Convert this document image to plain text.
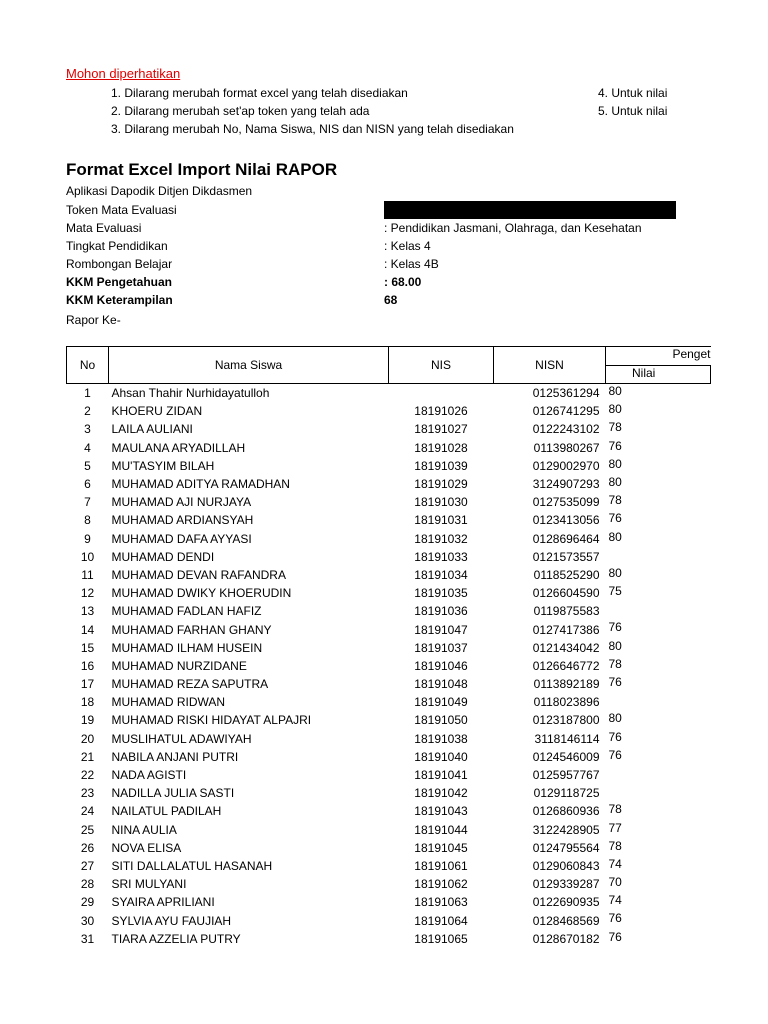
Mohon diperhatikan
1. Dilarang merubah format excel yang telah disediakan
2. Dilarang merubah set'ap token yang telah ada
3. Dilarang merubah No, Nama Siswa, NIS dan NISN yang telah disediakan
4. Untuk nilai
5. Untuk nilai
Format Excel Import Nilai RAPOR
Aplikasi Dapodik Ditjen Dikdasmen
Token Mata Evaluasi
Mata Evaluasi	: Pendidikan Jasmani, Olahraga, dan Kesehatan
Tingkat Pendidikan	: Kelas 4
Rombongan Belajar	: Kelas 4B
KKM Pengetahuan	: 68.00
KKM Keterampilan	68
Rapor Ke-
No	Nama Siswa	NIS	NISN	Penget
				Nilai
1	Ahsan Thahir Nurhidayatulloh		0125361294	80
2	KHOERU ZIDAN	18191026	0126741295	80
3	LAILA AULIANI	18191027	0122243102	78
4	MAULANA ARYADILLAH	18191028	0113980267	76
5	MU'TASYIM BILAH	18191039	0129002970	80
6	MUHAMAD ADITYA RAMADHAN	18191029	3124907293	80
7	MUHAMAD AJI NURJAYA	18191030	0127535099	78
8	MUHAMAD ARDIANSYAH	18191031	0123413056	76
9	MUHAMAD DAFA AYYASI	18191032	0128696464	80
10	MUHAMAD DENDI	18191033	0121573557	
11	MUHAMAD DEVAN RAFANDRA	18191034	0118525290	80
12	MUHAMAD DWIKY KHOERUDIN	18191035	0126604590	75
13	MUHAMAD FADLAN HAFIZ	18191036	0119875583	
14	MUHAMAD FARHAN GHANY	18191047	0127417386	76
15	MUHAMAD ILHAM HUSEIN	18191037	0121434042	80
16	MUHAMAD NURZIDANE	18191046	0126646772	78
17	MUHAMAD REZA SAPUTRA	18191048	0113892189	76
18	MUHAMAD RIDWAN	18191049	0118023896	
19	MUHAMAD RISKI HIDAYAT ALPAJRI	18191050	0123187800	80
20	MUSLIHATUL ADAWIYAH	18191038	3118146114	76
21	NABILA ANJANI PUTRI	18191040	0124546009	76
22	NADA AGISTI	18191041	0125957767	
23	NADILLA JULIA SASTI	18191042	0129118725	
24	NAILATUL PADILAH	18191043	0126860936	78
25	NINA AULIA	18191044	3122428905	77
26	NOVA ELISA	18191045	0124795564	78
27	SITI DALLALATUL HASANAH	18191061	0129060843	74
28	SRI MULYANI	18191062	0129339287	70
29	SYAIRA APRILIANI	18191063	0122690935	74
30	SYLVIA AYU FAUJIAH	18191064	0128468569	76
31	TIARA AZZELIA PUTRY	18191065	0128670182	76
